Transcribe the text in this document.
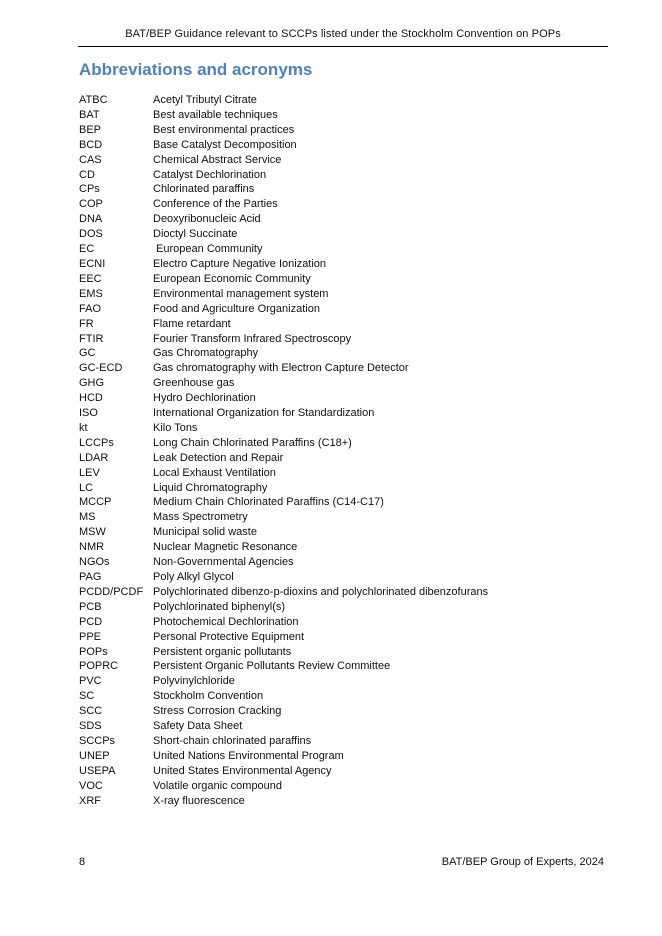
BAT/BEP Guidance relevant to SCCPs listed under the Stockholm Convention on POPs
Abbreviations and acronyms
ATBC	Acetyl Tributyl Citrate
BAT	Best available techniques
BEP	Best environmental practices
BCD	Base Catalyst Decomposition
CAS	Chemical Abstract Service
CD	Catalyst Dechlorination
CPs	Chlorinated paraffins
COP	Conference of the Parties
DNA	Deoxyribonucleic Acid
DOS	Dioctyl Succinate
EC	European Community
ECNI	Electro Capture Negative Ionization
EEC	European Economic Community
EMS	Environmental management system
FAO	Food and Agriculture Organization
FR	Flame retardant
FTIR	Fourier Transform Infrared Spectroscopy
GC	Gas Chromatography
GC-ECD	Gas chromatography with Electron Capture Detector
GHG	Greenhouse gas
HCD	Hydro Dechlorination
ISO	International Organization for Standardization
kt	Kilo Tons
LCCPs	Long Chain Chlorinated Paraffins (C18+)
LDAR	Leak Detection and Repair
LEV	Local Exhaust Ventilation
LC	Liquid Chromatography
MCCP	Medium Chain Chlorinated Paraffins (C14-C17)
MS	Mass Spectrometry
MSW	Municipal solid waste
NMR	Nuclear Magnetic Resonance
NGOs	Non-Governmental Agencies
PAG	Poly Alkyl Glycol
PCDD/PCDF Polychlorinated dibenzo-p-dioxins and polychlorinated dibenzofurans
PCB	Polychlorinated biphenyl(s)
PCD	Photochemical Dechlorination
PPE	Personal Protective Equipment
POPs	Persistent organic pollutants
POPRC	Persistent Organic Pollutants Review Committee
PVC	Polyvinylchloride
SC	Stockholm Convention
SCC	Stress Corrosion Cracking
SDS	Safety Data Sheet
SCCPs	Short-chain chlorinated paraffins
UNEP	United Nations Environmental Program
USEPA	United States Environmental Agency
VOC	Volatile organic compound
XRF	X-ray fluorescence
8	BAT/BEP Group of Experts, 2024
